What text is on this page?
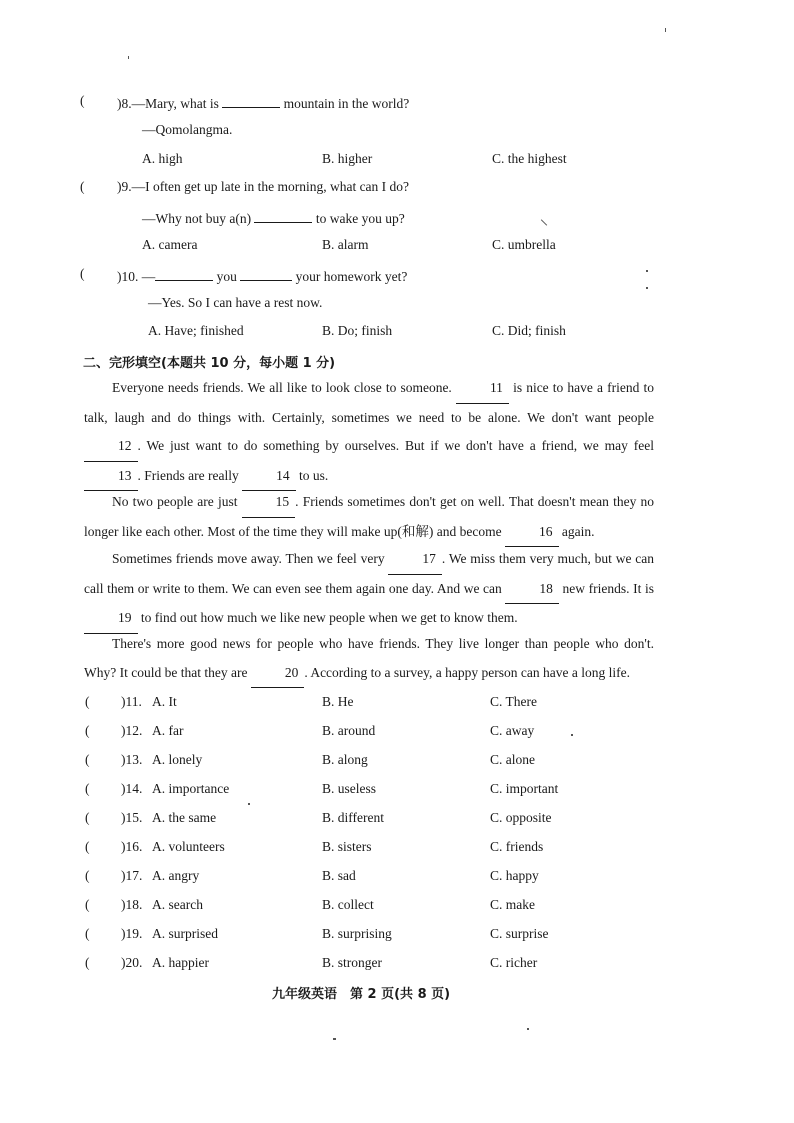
( )8.—Mary, what is	mountain in the world?
—Qomolangma.
A. high	B. higher	C. the highest
( )9.—I often get up late in the morning, what can I do?
—Why not buy a(n)	to wake you up?
A. camera	B. alarm	C. umbrella
( )10. —	you	your homework yet?
—Yes. So I can have a rest now.
A. Have; finished	B. Do; finish	C. Did; finish
二、完形填空(本题共 10 分，每小题 1 分)
Everyone needs friends. We all like to look close to someone.	11 is nice to have a friend to talk, laugh and do things with. Certainly, sometimes we need to be alone. We don't want people 12 . We just want to do something by ourselves. But if we don't have a friend, we may feel 13 . Friends are really	14 to us.
No two people are just	15 . Friends sometimes don't get on well. That doesn't mean they no longer like each other. Most of the time they will make up(和解) and become	16 again.
Sometimes friends move away. Then we feel very	17 . We miss them very much, but we can call them or write to them. We can even see them again one day. And we can	18 new friends. It is 19 to find out how much we like new people when we get to know them.
There's more good news for people who have friends. They live longer than people who don't. Why? It could be that they are	20 . According to a survey, a happy person can have a long life.
( )11. A. It	B. He	C. There
( )12. A. far	B. around	C. away
( )13. A. lonely	B. along	C. alone
( )14. A. importance	B. useless	C. important
( )15. A. the same	B. different	C. opposite
( )16. A. volunteers	B. sisters	C. friends
( )17. A. angry	B. sad	C. happy
( )18. A. search	B. collect	C. make
( )19. A. surprised	B. surprising	C. surprise
( )20. A. happier	B. stronger	C. richer
九年级英语　第 2 页(共 8 页)
